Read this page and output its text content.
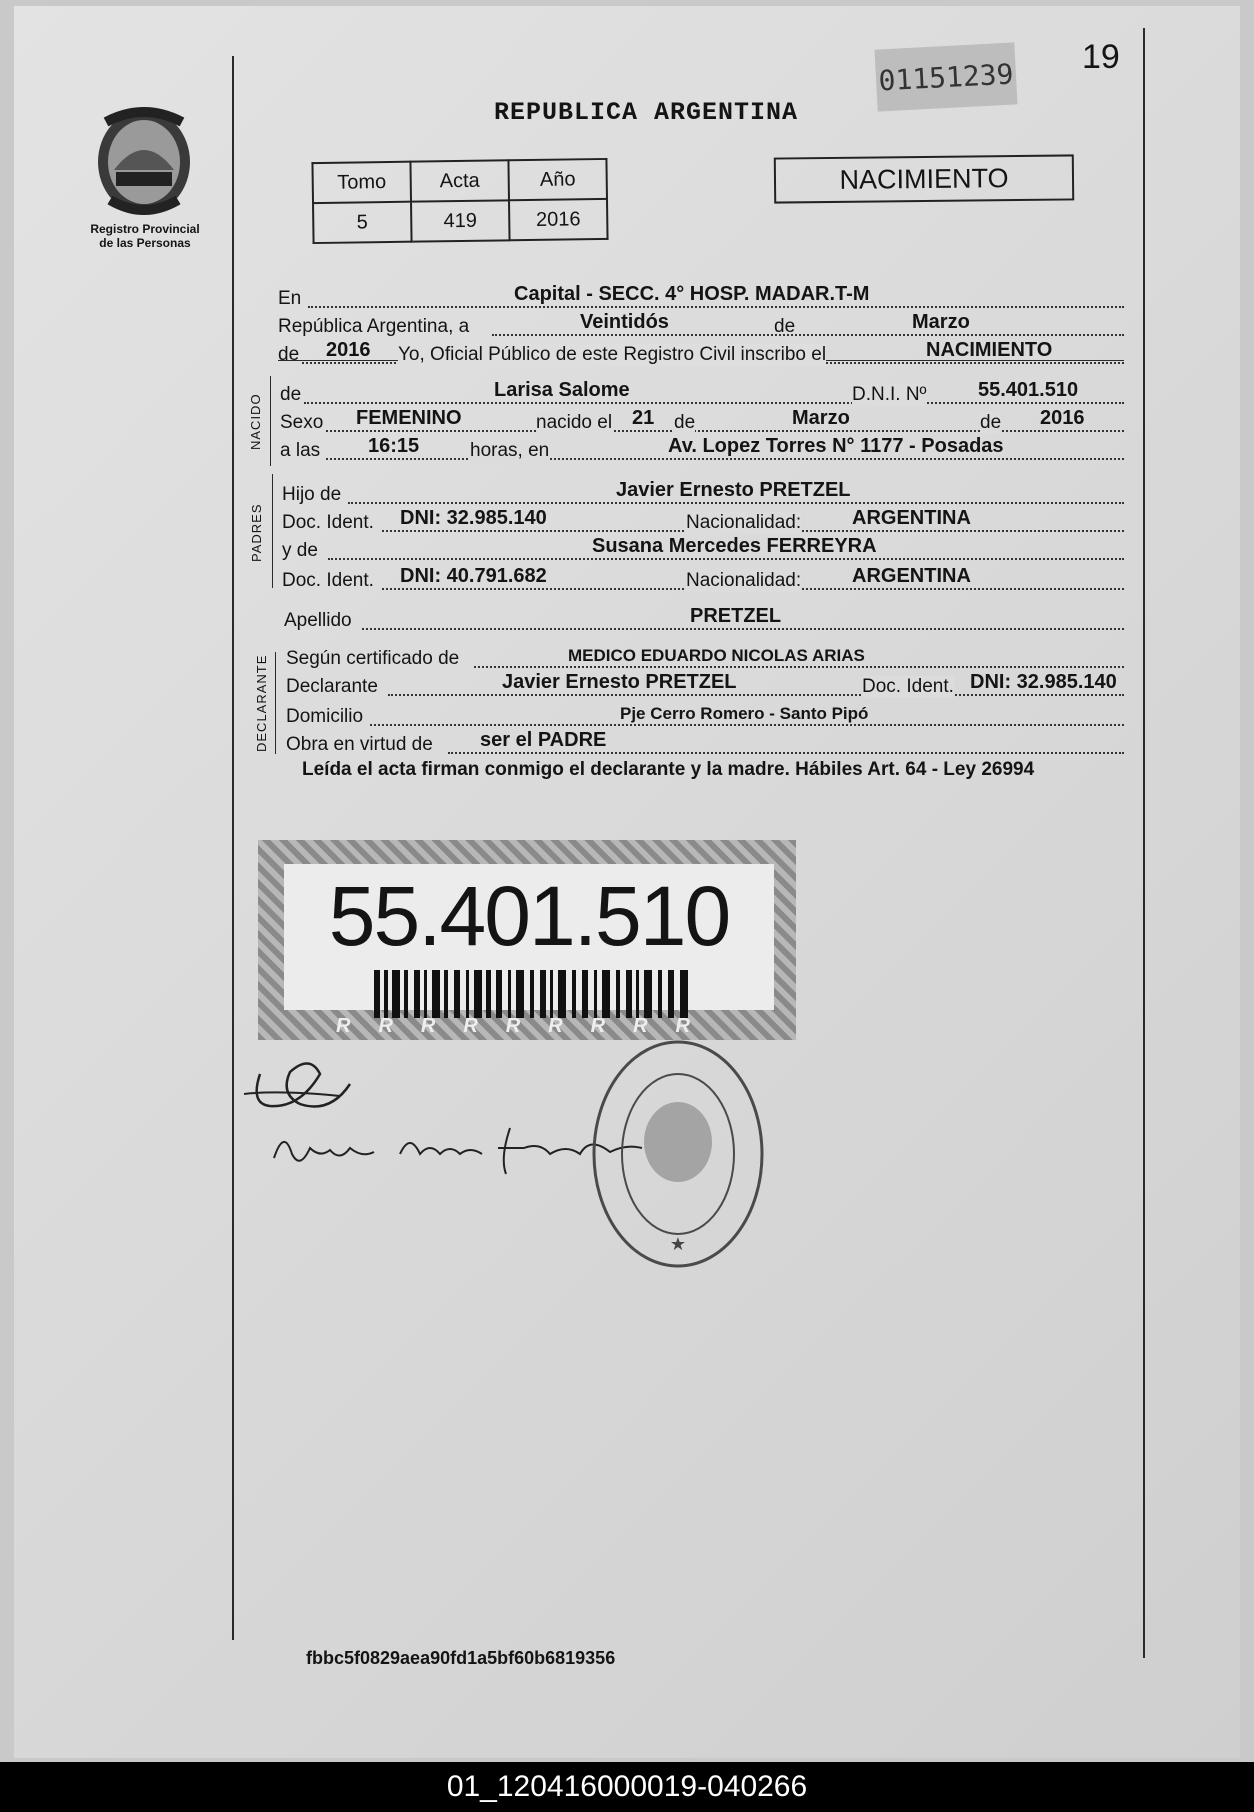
Registro Provincial
de las Personas
REPUBLICA ARGENTINA
01151239 19
NACIMIENTO
Tomo	Acta	Año
5	419	2016
NACIDO
PADRES
DECLARANTE
En	Capital - SECC. 4° HOSP. MADAR.T-M
República Argentina, a	Veintidós	de	Marzo
de 2016 Yo, Oficial Público de este Registro Civil inscribo el	NACIMIENTO
de	Larisa Salome	D.N.I. Nº	55.401.510
Sexo FEMENINO	nacido el 21 de	Marzo	de 2016
a las 16:15	horas, en	Av. Lopez Torres N° 1177 - Posadas
Hijo de	Javier Ernesto PRETZEL
Doc. Ident. DNI: 32.985.140	Nacionalidad:	ARGENTINA
y de	Susana Mercedes FERREYRA
Doc. Ident. DNI: 40.791.682	Nacionalidad:	ARGENTINA
Apellido	PRETZEL
Según certificado de	MEDICO EDUARDO NICOLAS ARIAS
Declarante	Javier Ernesto PRETZEL	Doc. Ident. DNI: 32.985.140
Domicilio	Pje Cerro Romero - Santo Pipó
Obra en virtud de ser el PADRE
Leída el acta firman conmigo el declarante y la madre. Hábiles Art. 64 - Ley 26994
55.401.510
RRRRRRRRR
★
fbbc5f0829aea90fd1a5bf60b6819356
01_120416000019-040266
